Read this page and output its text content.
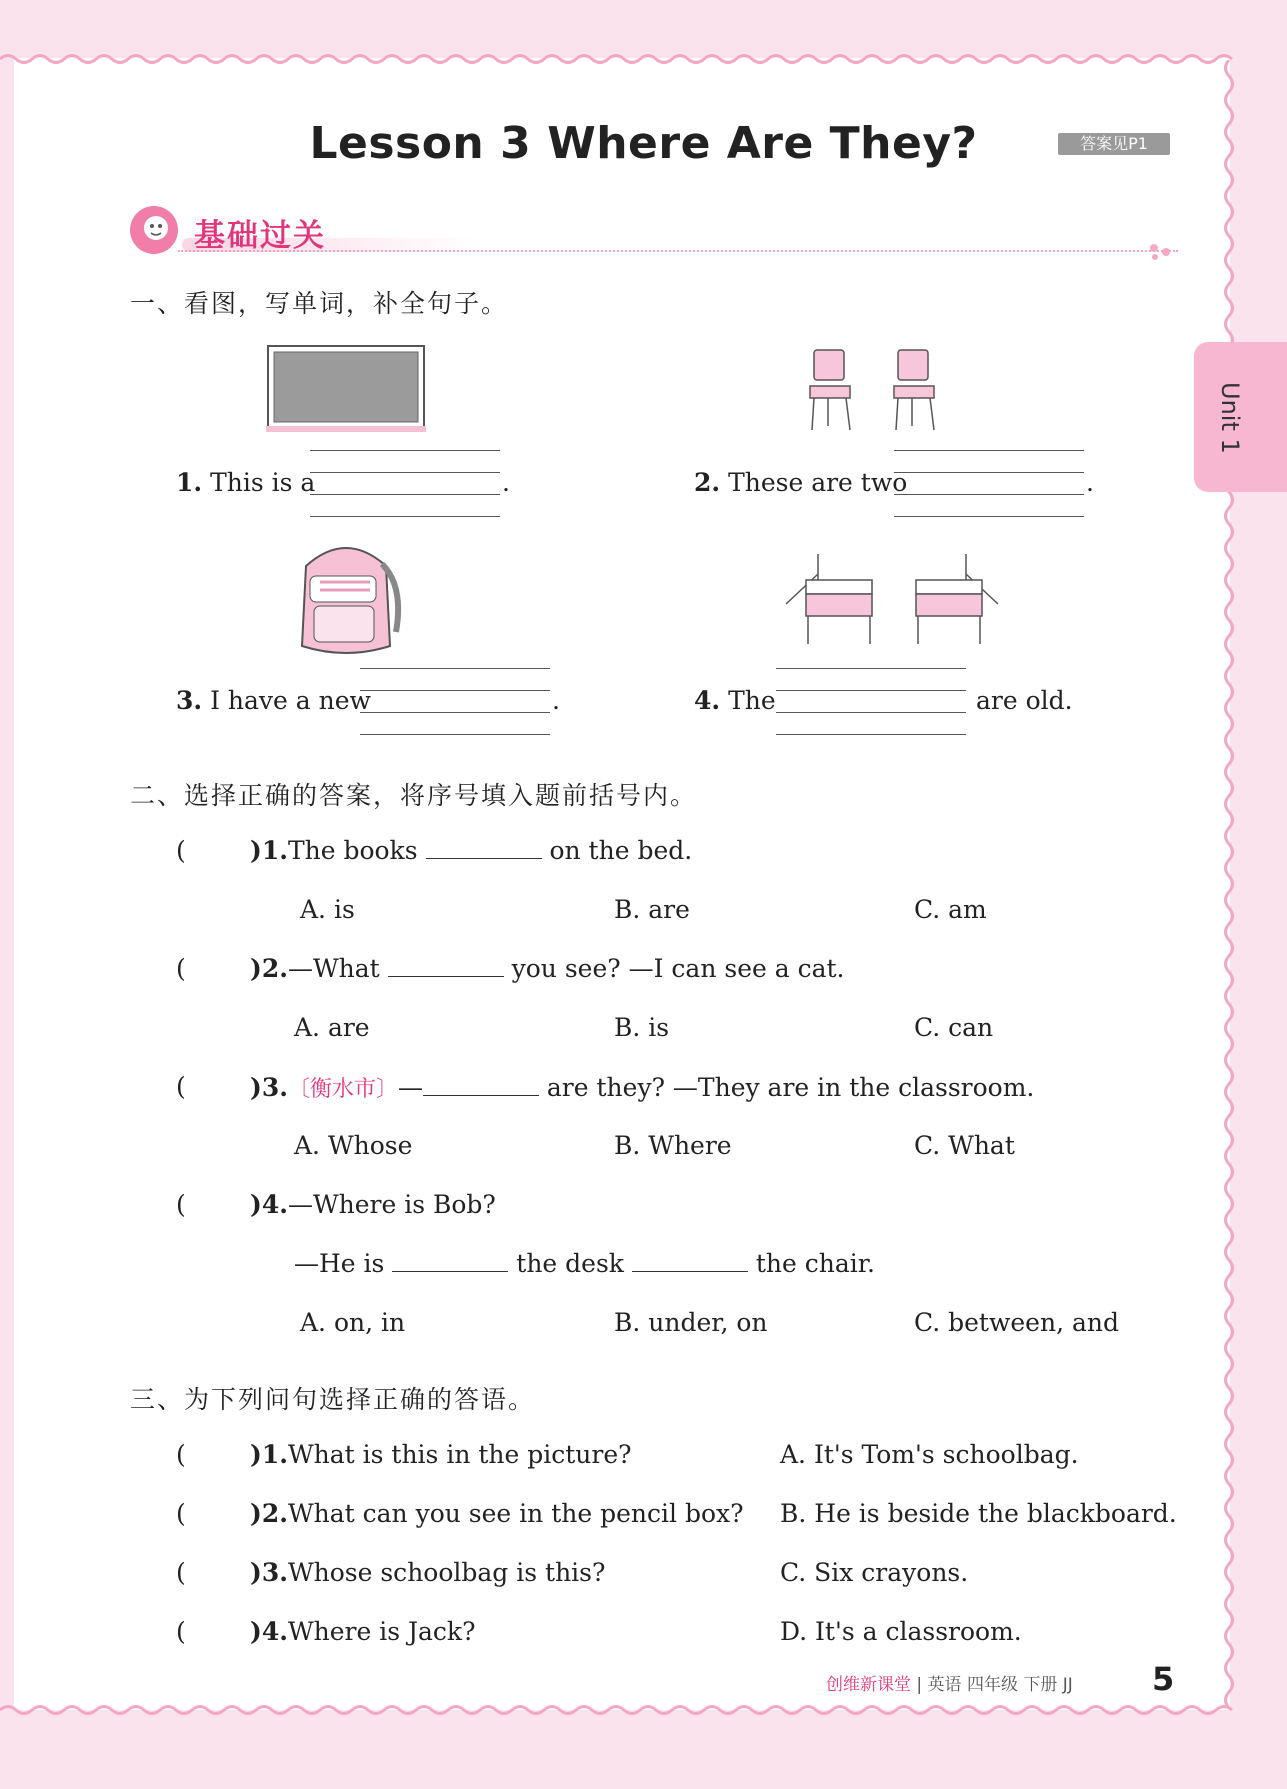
Lesson 3 Where Are They?	答案见P1
Unit 1
基础过关
一、看图，写单词，补全句子。
1. This is a	.	2. These are two	.
3. I have a new	.	4. The	are old.
二、选择正确的答案，将序号填入题前括号内。
(	)1.The books	on the bed.
A. is	B. are	C. am
(	)2.—What	you see? —I can see a cat.
A. are	B. is	C. can
(	)3.〔衡水市〕—	are they? —They are in the classroom.
A. Whose	B. Where	C. What
(	)4.—Where is Bob?
—He is	the desk	the chair.
A. on, in	B. under, on	C. between, and
三、为下列问句选择正确的答语。
(	)1.What is this in the picture?	A. It's Tom's schoolbag.
(	)2.What can you see in the pencil box? B. He is beside the blackboard.
(	)3.Whose schoolbag is this?	C. Six crayons.
(	)4.Where is Jack?	D. It's a classroom.
创维新课堂 | 英语 四年级 下册 JJ 5
